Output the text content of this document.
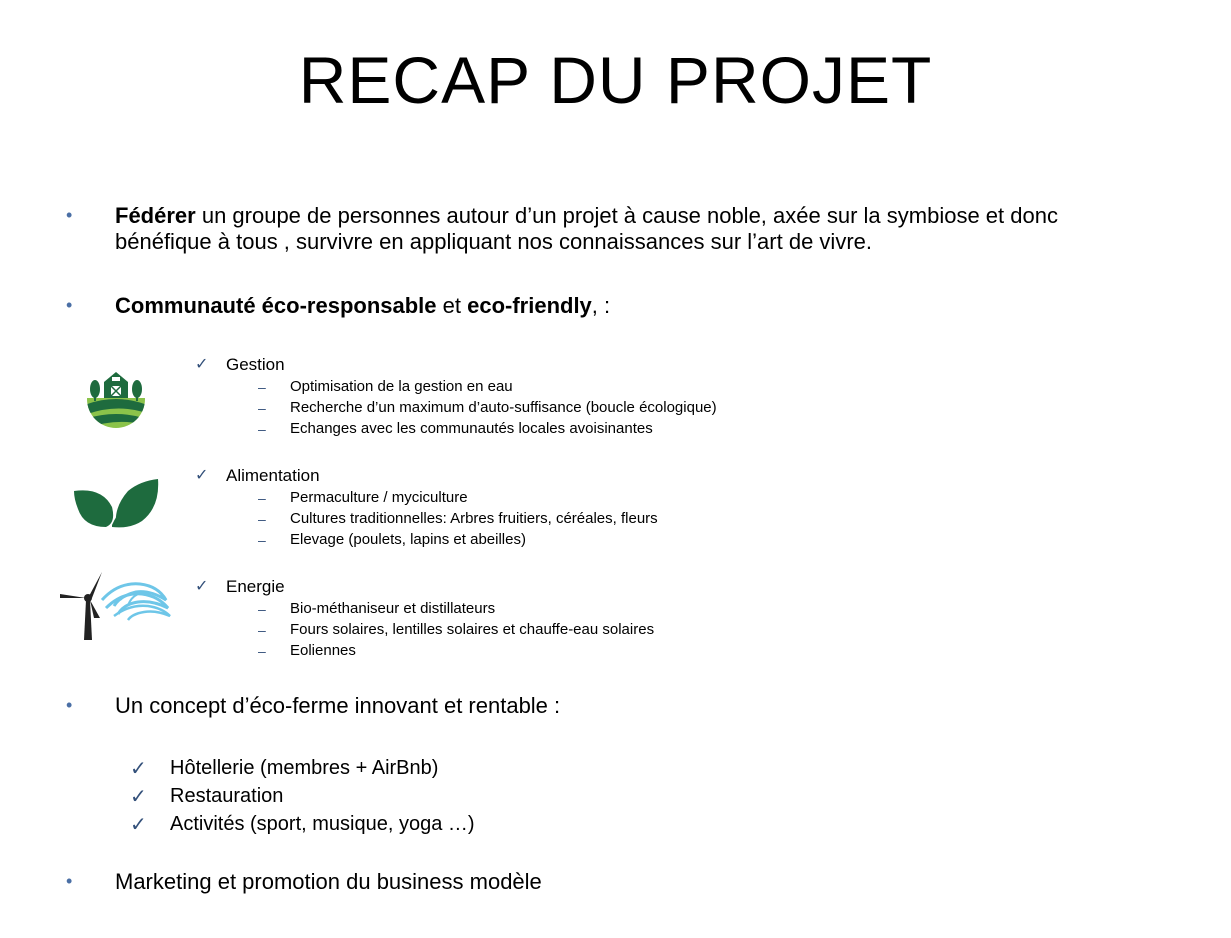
RECAP DU PROJET
• Fédérer un groupe de personnes autour d’un projet à cause noble, axée sur la symbiose et donc
bénéfique à tous , survivre en appliquant nos connaissances sur l’art de vivre.
• Communauté éco-responsable et eco-friendly, :
✓ Gestion
– Optimisation de la gestion en eau
– Recherche d’un maximum d’auto-suffisance (boucle écologique)
– Echanges avec les communautés locales avoisinantes
✓ Alimentation
– Permaculture / myciculture
– Cultures traditionnelles: Arbres fruitiers, céréales, fleurs
– Elevage (poulets, lapins et abeilles)
✓ Energie
– Bio-méthaniseur et distillateurs
– Fours solaires, lentilles solaires et chauffe-eau solaires
– Eoliennes
• Un concept d’éco-ferme innovant et rentable :
✓ Hôtellerie (membres + AirBnb)
✓ Restauration
✓ Activités (sport, musique, yoga …)
• Marketing et promotion du business modèle
